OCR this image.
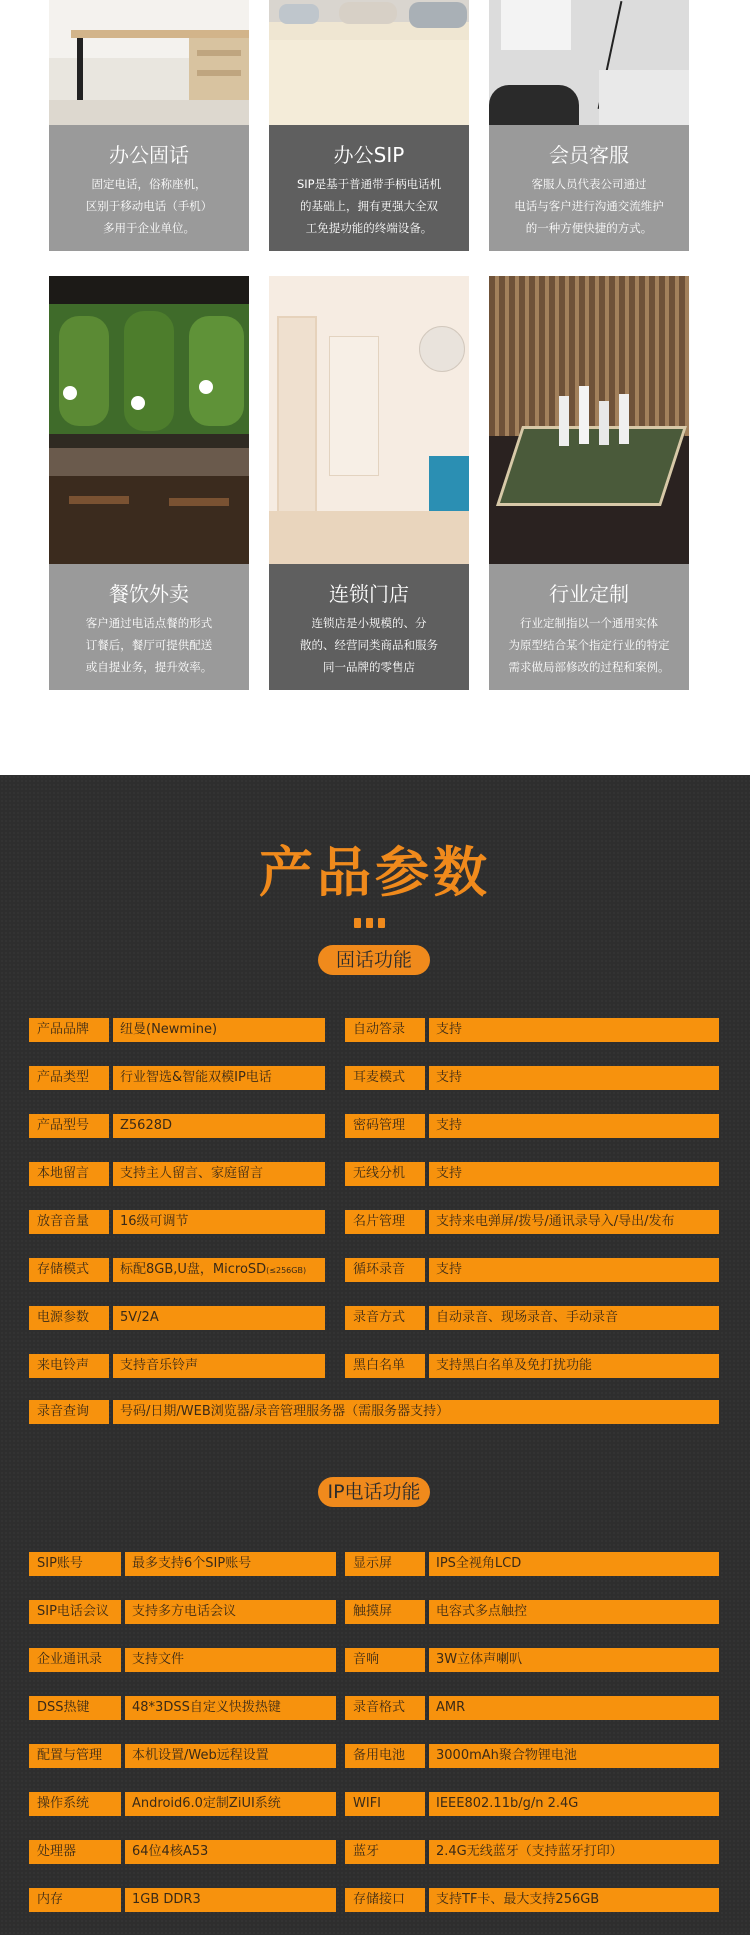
办公固话
固定电话，俗称座机，
区别于移动电话（手机）
多用于企业单位。
办公SIP
SIP是基于普通带手柄电话机
的基础上，拥有更强大全双
工免提功能的终端设备。
会员客服
客服人员代表公司通过
电话与客户进行沟通交流维护
的一种方便快捷的方式。
餐饮外卖
客户通过电话点餐的形式
订餐后，餐厅可提供配送
或自提业务，提升效率。
连锁门店
连锁店是小规模的、分
散的、经营同类商品和服务
同一品牌的零售店
行业定制
行业定制指以一个通用实体
为原型结合某个指定行业的特定
需求做局部修改的过程和案例。
产品参数
固话功能
产品品牌	纽曼(Newmine)	自动答录	支持
产品类型	行业智选&智能双模IP电话	耳麦模式	支持
产品型号	Z5628D	密码管理	支持
本地留言	支持主人留言、家庭留言	无线分机	支持
放音音量	16级可调节	名片管理	支持来电弹屏/拨号/通讯录导入/导出/发布
存储模式	标配8GB,U盘，MicroSD(≤256GB)	循环录音	支持
电源参数	5V/2A	录音方式	自动录音、现场录音、手动录音
来电铃声	支持音乐铃声	黑白名单	支持黑白名单及免打扰功能
录音查询	号码/日期/WEB浏览器/录音管理服务器（需服务器支持）
IP电话功能
SIP账号	最多支持6个SIP账号	显示屏	IPS全视角LCD
SIP电话会议	支持多方电话会议	触摸屏	电容式多点触控
企业通讯录	支持文件	音响	3W立体声喇叭
DSS热键	48*3DSS自定义快拨热键	录音格式	AMR
配置与管理	本机设置/Web远程设置	备用电池	3000mAh聚合物锂电池
操作系统	Android6.0定制ZiUI系统	WIFI	IEEE802.11b/g/n 2.4G
处理器	64位4核A53	蓝牙	2.4G无线蓝牙（支持蓝牙打印）
内存	1GB DDR3	存储接口	支持TF卡、最大支持256GB
